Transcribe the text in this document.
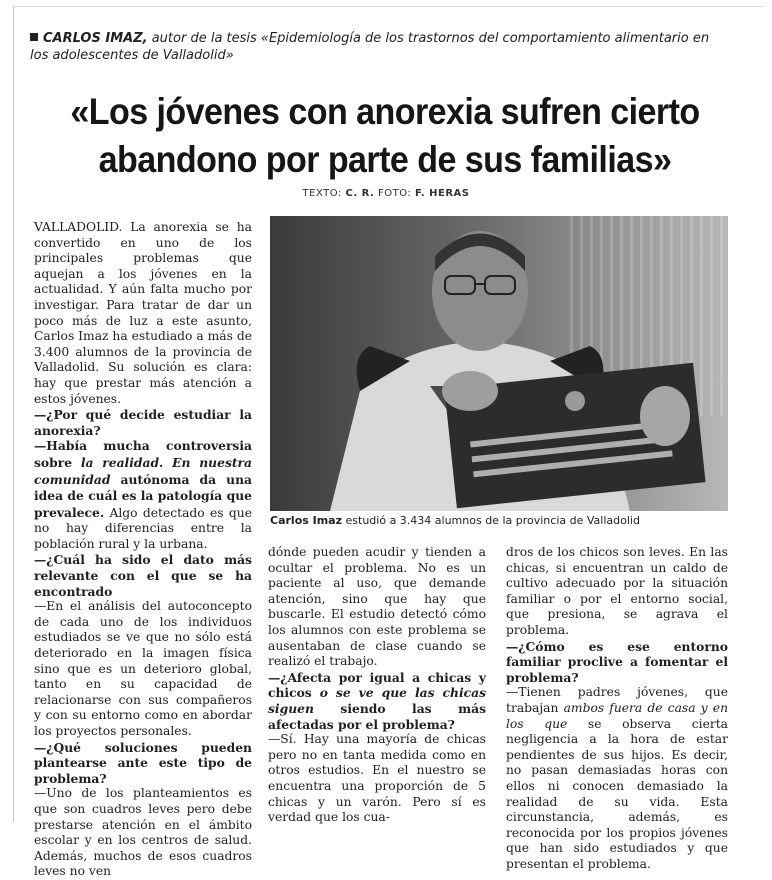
CARLOS IMAZ, autor de la tesis «Epidemiología de los trastornos del comportamiento alimentario en los adolescentes de Valladolid»
«Los jóvenes con anorexia sufren cierto
abandono por parte de sus familias»
TEXTO: C. R. FOTO: F. HERAS

VALLADOLID. La anorexia se ha convertido en uno de los principales problemas que aquejan a los jóvenes en la actualidad. Y aún falta mucho por investigar. Para tratar de dar un poco más de luz a este asunto, Carlos Imaz ha estudiado a más de 3.400 alumnos de la provincia de Valladolid. Su solución es clara: hay que prestar más atención a estos jóvenes.

—¿Por qué decide estudiar la anorexia?

—Había mucha controversia sobre la realidad. En nuestra comunidad autónoma da una idea de cuál es la patología que prevalece. Algo detectado es que no hay diferencias entre la población rural y la urbana.

—¿Cuál ha sido el dato más relevante con el que se ha encontrado

—En el análisis del autoconcepto de cada uno de los individuos estudiados se ve que no sólo está deteriorado en la imagen física sino que es un deterioro global, tanto en su capacidad de relacionarse con sus compañeros y con su entorno como en abordar los proyectos personales.

—¿Qué soluciones pueden plantearse ante este tipo de problema?

—Uno de los planteamientos es que son cuadros leves pero debe prestarse atención en el ámbito escolar y en los centros de salud. Además, muchos de esos cuadros leves no ven

Carlos Imaz estudió a 3.434 alumnos de la provincia de Valladolid

dónde pueden acudir y tienden a ocultar el problema. No es un paciente al uso, que demande atención, sino que hay que buscarle. El estudio detectó cómo los alumnos con este problema se ausentaban de clase cuando se realizó el trabajo.

—¿Afecta por igual a chicas y chicos o se ve que las chicas siguen siendo las más afectadas por el problema?

—Sí. Hay una mayoría de chicas pero no en tanta medida como en otros estudios. En el nuestro se encuentra una proporción de 5 chicas y un varón. Pero sí es verdad que los cua-

dros de los chicos son leves. En las chicas, si encuentran un caldo de cultivo adecuado por la situación familiar o por el entorno social, que presiona, se agrava el problema.

—¿Cómo es ese entorno familiar proclive a fomentar el problema?

—Tienen padres jóvenes, que trabajan ambos fuera de casa y en los que se observa cierta negligencia a la hora de estar pendientes de sus hijos. Es decir, no pasan demasiadas horas con ellos ni conocen demasiado la realidad de su vida. Esta circunstancia, además, es reconocida por los propios jóvenes que han sido estudiados y que presentan el problema.
